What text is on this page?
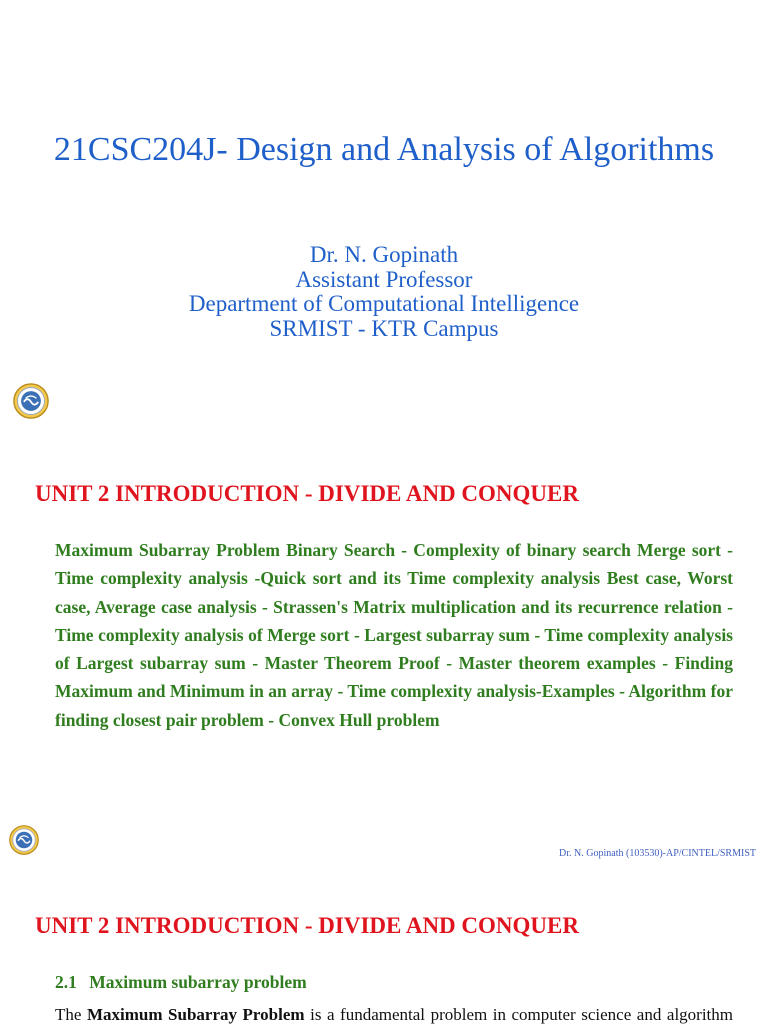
21CSC204J- Design and Analysis of Algorithms
Dr. N. Gopinath
Assistant Professor
Department of Computational Intelligence
SRMIST - KTR Campus
UNIT 2 INTRODUCTION - DIVIDE AND CONQUER
Maximum Subarray Problem Binary Search - Complexity of binary search Merge sort - Time complexity analysis -Quick sort and its Time complexity analysis Best case, Worst case, Average case analysis - Strassen's Matrix multiplication and its recurrence relation - Time complexity analysis of Merge sort - Largest subarray sum - Time complexity analysis of Largest subarray sum - Master Theorem Proof - Master theorem examples - Finding Maximum and Minimum in an array - Time complexity analysis-Examples - Algorithm for finding closest pair problem - Convex Hull problem
Dr. N. Gopinath (103530)-AP/CINTEL/SRMIST
UNIT 2 INTRODUCTION - DIVIDE AND CONQUER
2.1 Maximum subarray problem
The Maximum Subarray Problem is a fundamental problem in computer science and algorithm
